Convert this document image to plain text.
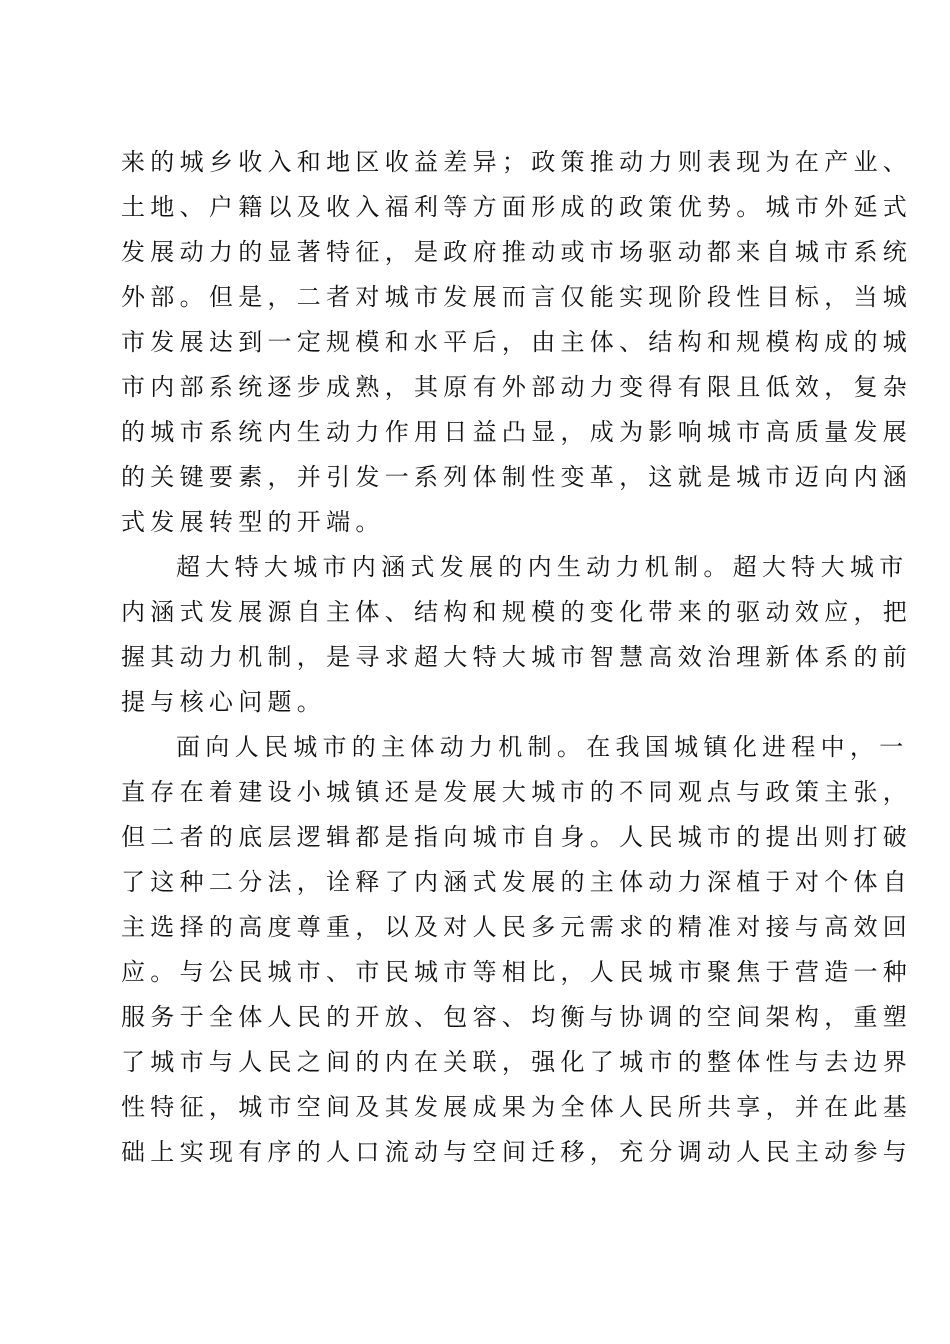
来的城乡收入和地区收益差异；政策推动力则表现为在产业、
土地、户籍以及收入福利等方面形成的政策优势。城市外延式
发展动力的显著特征，是政府推动或市场驱动都来自城市系统
外部。但是，二者对城市发展而言仅能实现阶段性目标，当城
市发展达到一定规模和水平后，由主体、结构和规模构成的城
市内部系统逐步成熟，其原有外部动力变得有限且低效，复杂
的城市系统内生动力作用日益凸显，成为影响城市高质量发展
的关键要素，并引发一系列体制性变革，这就是城市迈向内涵
式发展转型的开端。
超大特大城市内涵式发展的内生动力机制。超大特大城市
内涵式发展源自主体、结构和规模的变化带来的驱动效应，把
握其动力机制，是寻求超大特大城市智慧高效治理新体系的前
提与核心问题。
面向人民城市的主体动力机制。在我国城镇化进程中，一
直存在着建设小城镇还是发展大城市的不同观点与政策主张，
但二者的底层逻辑都是指向城市自身。人民城市的提出则打破
了这种二分法，诠释了内涵式发展的主体动力深植于对个体自
主选择的高度尊重，以及对人民多元需求的精准对接与高效回
应。与公民城市、市民城市等相比，人民城市聚焦于营造一种
服务于全体人民的开放、包容、均衡与协调的空间架构，重塑
了城市与人民之间的内在关联，强化了城市的整体性与去边界
性特征，城市空间及其发展成果为全体人民所共享，并在此基
础上实现有序的人口流动与空间迁移，充分调动人民主动参与
